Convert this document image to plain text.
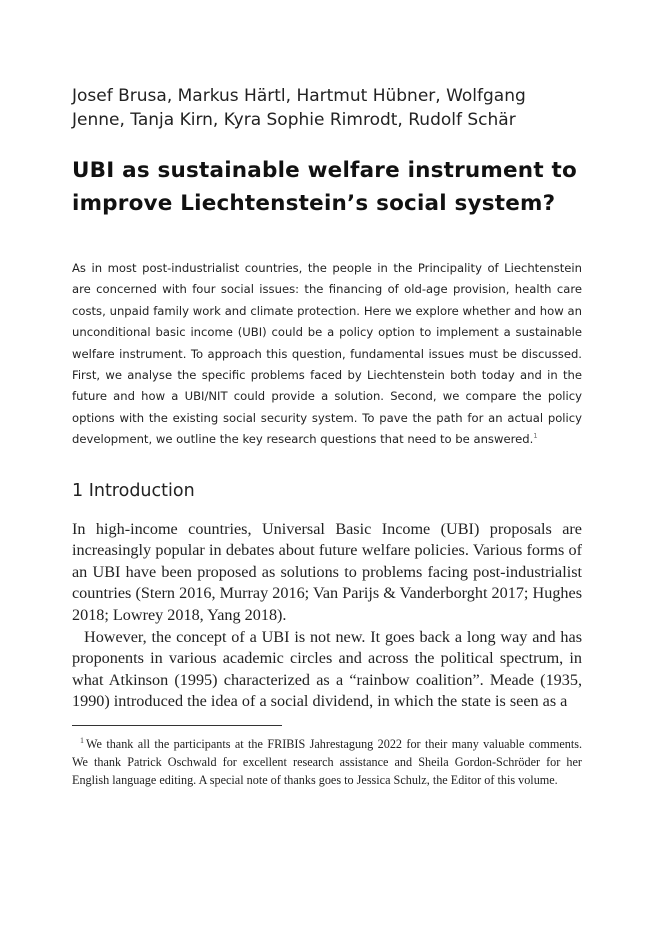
Josef Brusa, Markus Härtl, Hartmut Hübner, Wolfgang Jenne, Tanja Kirn, Kyra Sophie Rimrodt, Rudolf Schär

UBI as sustainable welfare instrument to improve Liechtenstein’s social system?

As in most post-industrialist countries, the people in the Principality of Liechtenstein are concerned with four social issues: the financing of old-age provision, health care costs, unpaid family work and climate protection. Here we explore whether and how an unconditional basic income (UBI) could be a policy option to implement a sustainable welfare instrument. To approach this question, fundamental issues must be discussed. First, we analyse the specific problems faced by Liechtenstein both today and in the future and how a UBI/NIT could provide a solution. Second, we compare the policy options with the existing social security system. To pave the path for an actual policy development, we outline the key research questions that need to be answered.$^1$

1 Introduction

In high-income countries, Universal Basic Income (UBI) proposals are increasingly popular in debates about future welfare policies. Various forms of an UBI have been proposed as solutions to problems facing post-industrialist countries (Stern 2016, Murray 2016; Van Parijs & Vanderborght 2017; Hughes 2018; Lowrey 2018, Yang 2018).

However, the concept of a UBI is not new. It goes back a long way and has proponents in various academic circles and across the political spectrum, in what Atkinson (1995) characterized as a “rainbow coalition”. Meade (1935, 1990) introduced the idea of a social dividend, in which the state is seen as a

$^1$ We thank all the participants at the FRIBIS Jahrestagung 2022 for their many valuable comments. We thank Patrick Oschwald for excellent research assistance and Sheila Gordon-Schröder for her English language editing. A special note of thanks goes to Jessica Schulz, the Editor of this volume.
